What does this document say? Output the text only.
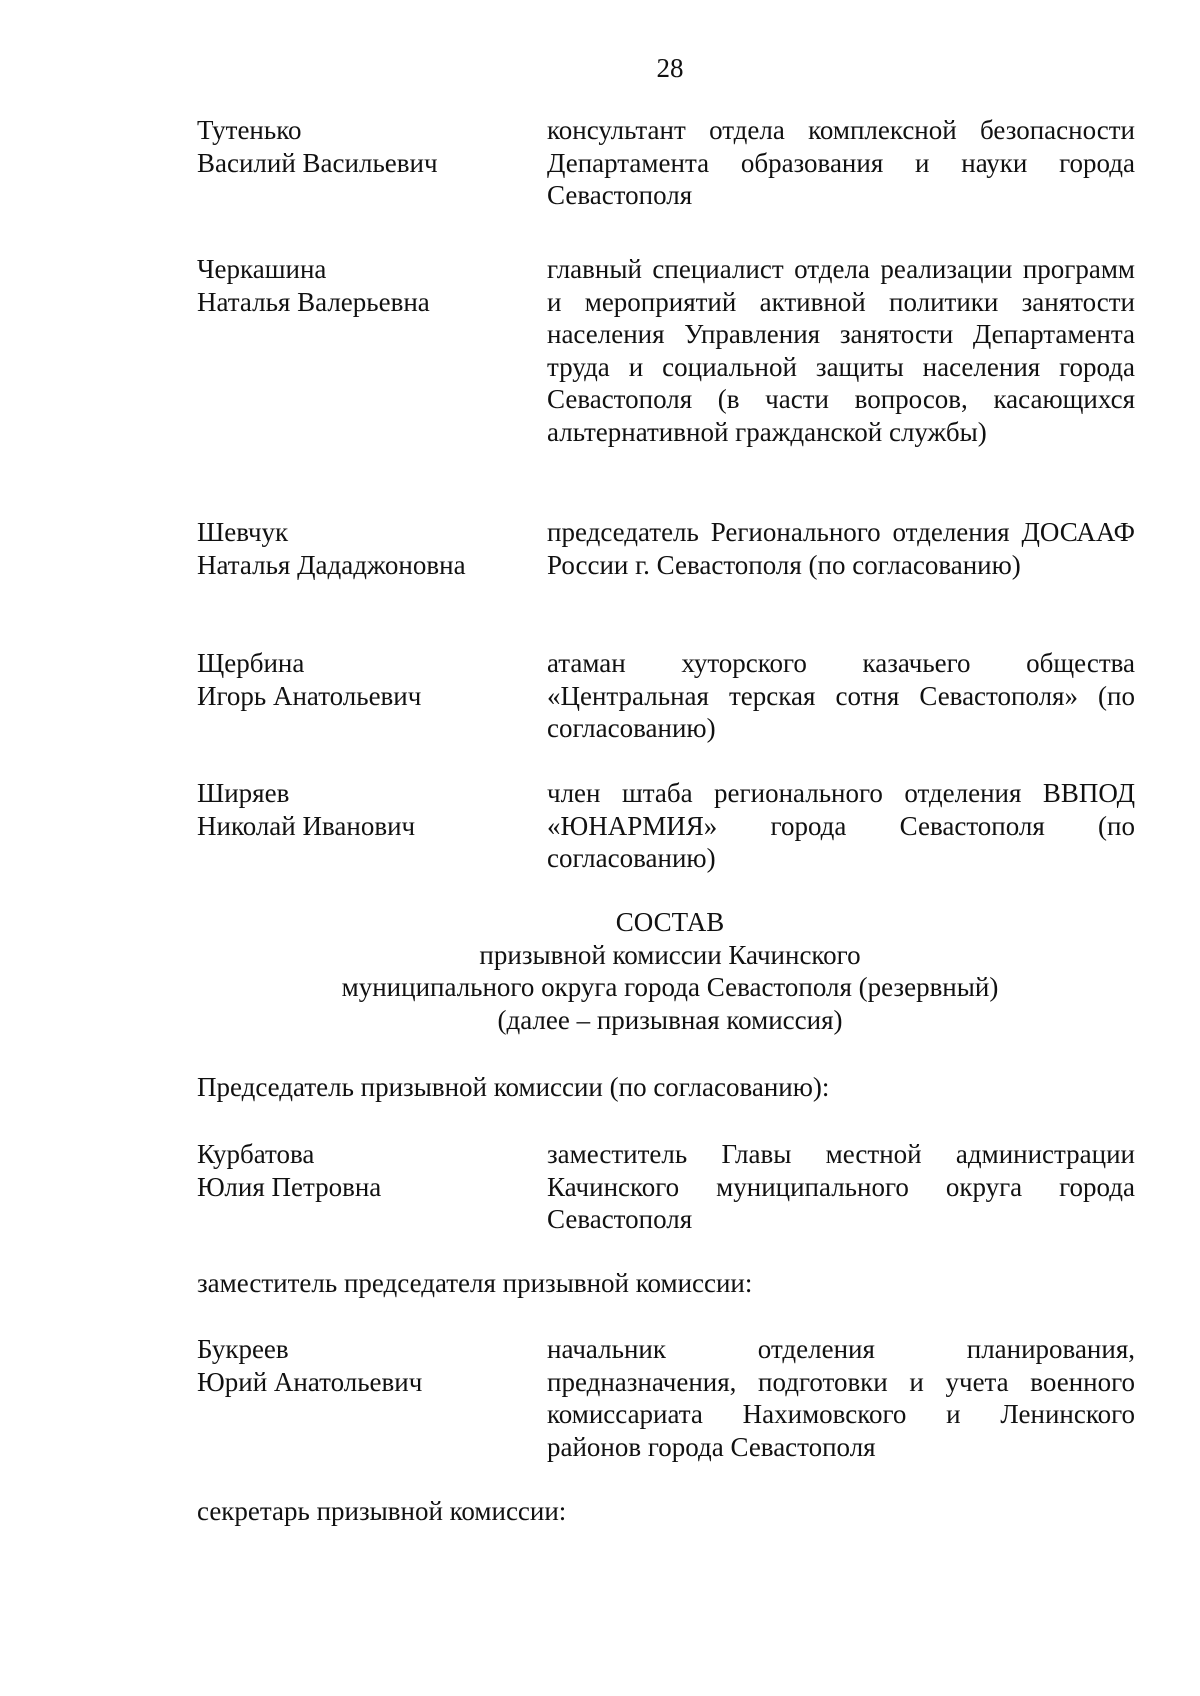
28
Тутенько
Василий Васильевич
консультант отдела комплексной безопасности Департамента образования и науки города Севастополя
Черкашина
Наталья Валерьевна
главный специалист отдела реализации программ и мероприятий активной политики занятости населения Управления занятости Департамента труда и социальной защиты населения города Севастополя (в части вопросов, касающихся альтернативной гражданской службы)
Шевчук
Наталья Дададжоновна
председатель Регионального отделения ДОСААФ России г. Севастополя (по согласованию)
Щербина
Игорь Анатольевич
атаман хуторского казачьего общества «Центральная терская сотня Севастополя» (по согласованию)
Ширяев
Николай Иванович
член штаба регионального отделения ВВПОД «ЮНАРМИЯ» города Севастополя (по согласованию)
СОСТАВ
призывной комиссии Качинского
муниципального округа города Севастополя (резервный)
(далее – призывная комиссия)
Председатель призывной комиссии (по согласованию):
Курбатова
Юлия Петровна
заместитель Главы местной администрации Качинского муниципального округа города Севастополя
заместитель председателя призывной комиссии:
Букреев
Юрий Анатольевич
начальник отделения планирования, предназначения, подготовки и учета военного комиссариата Нахимовского и Ленинского районов города Севастополя
секретарь призывной комиссии:
